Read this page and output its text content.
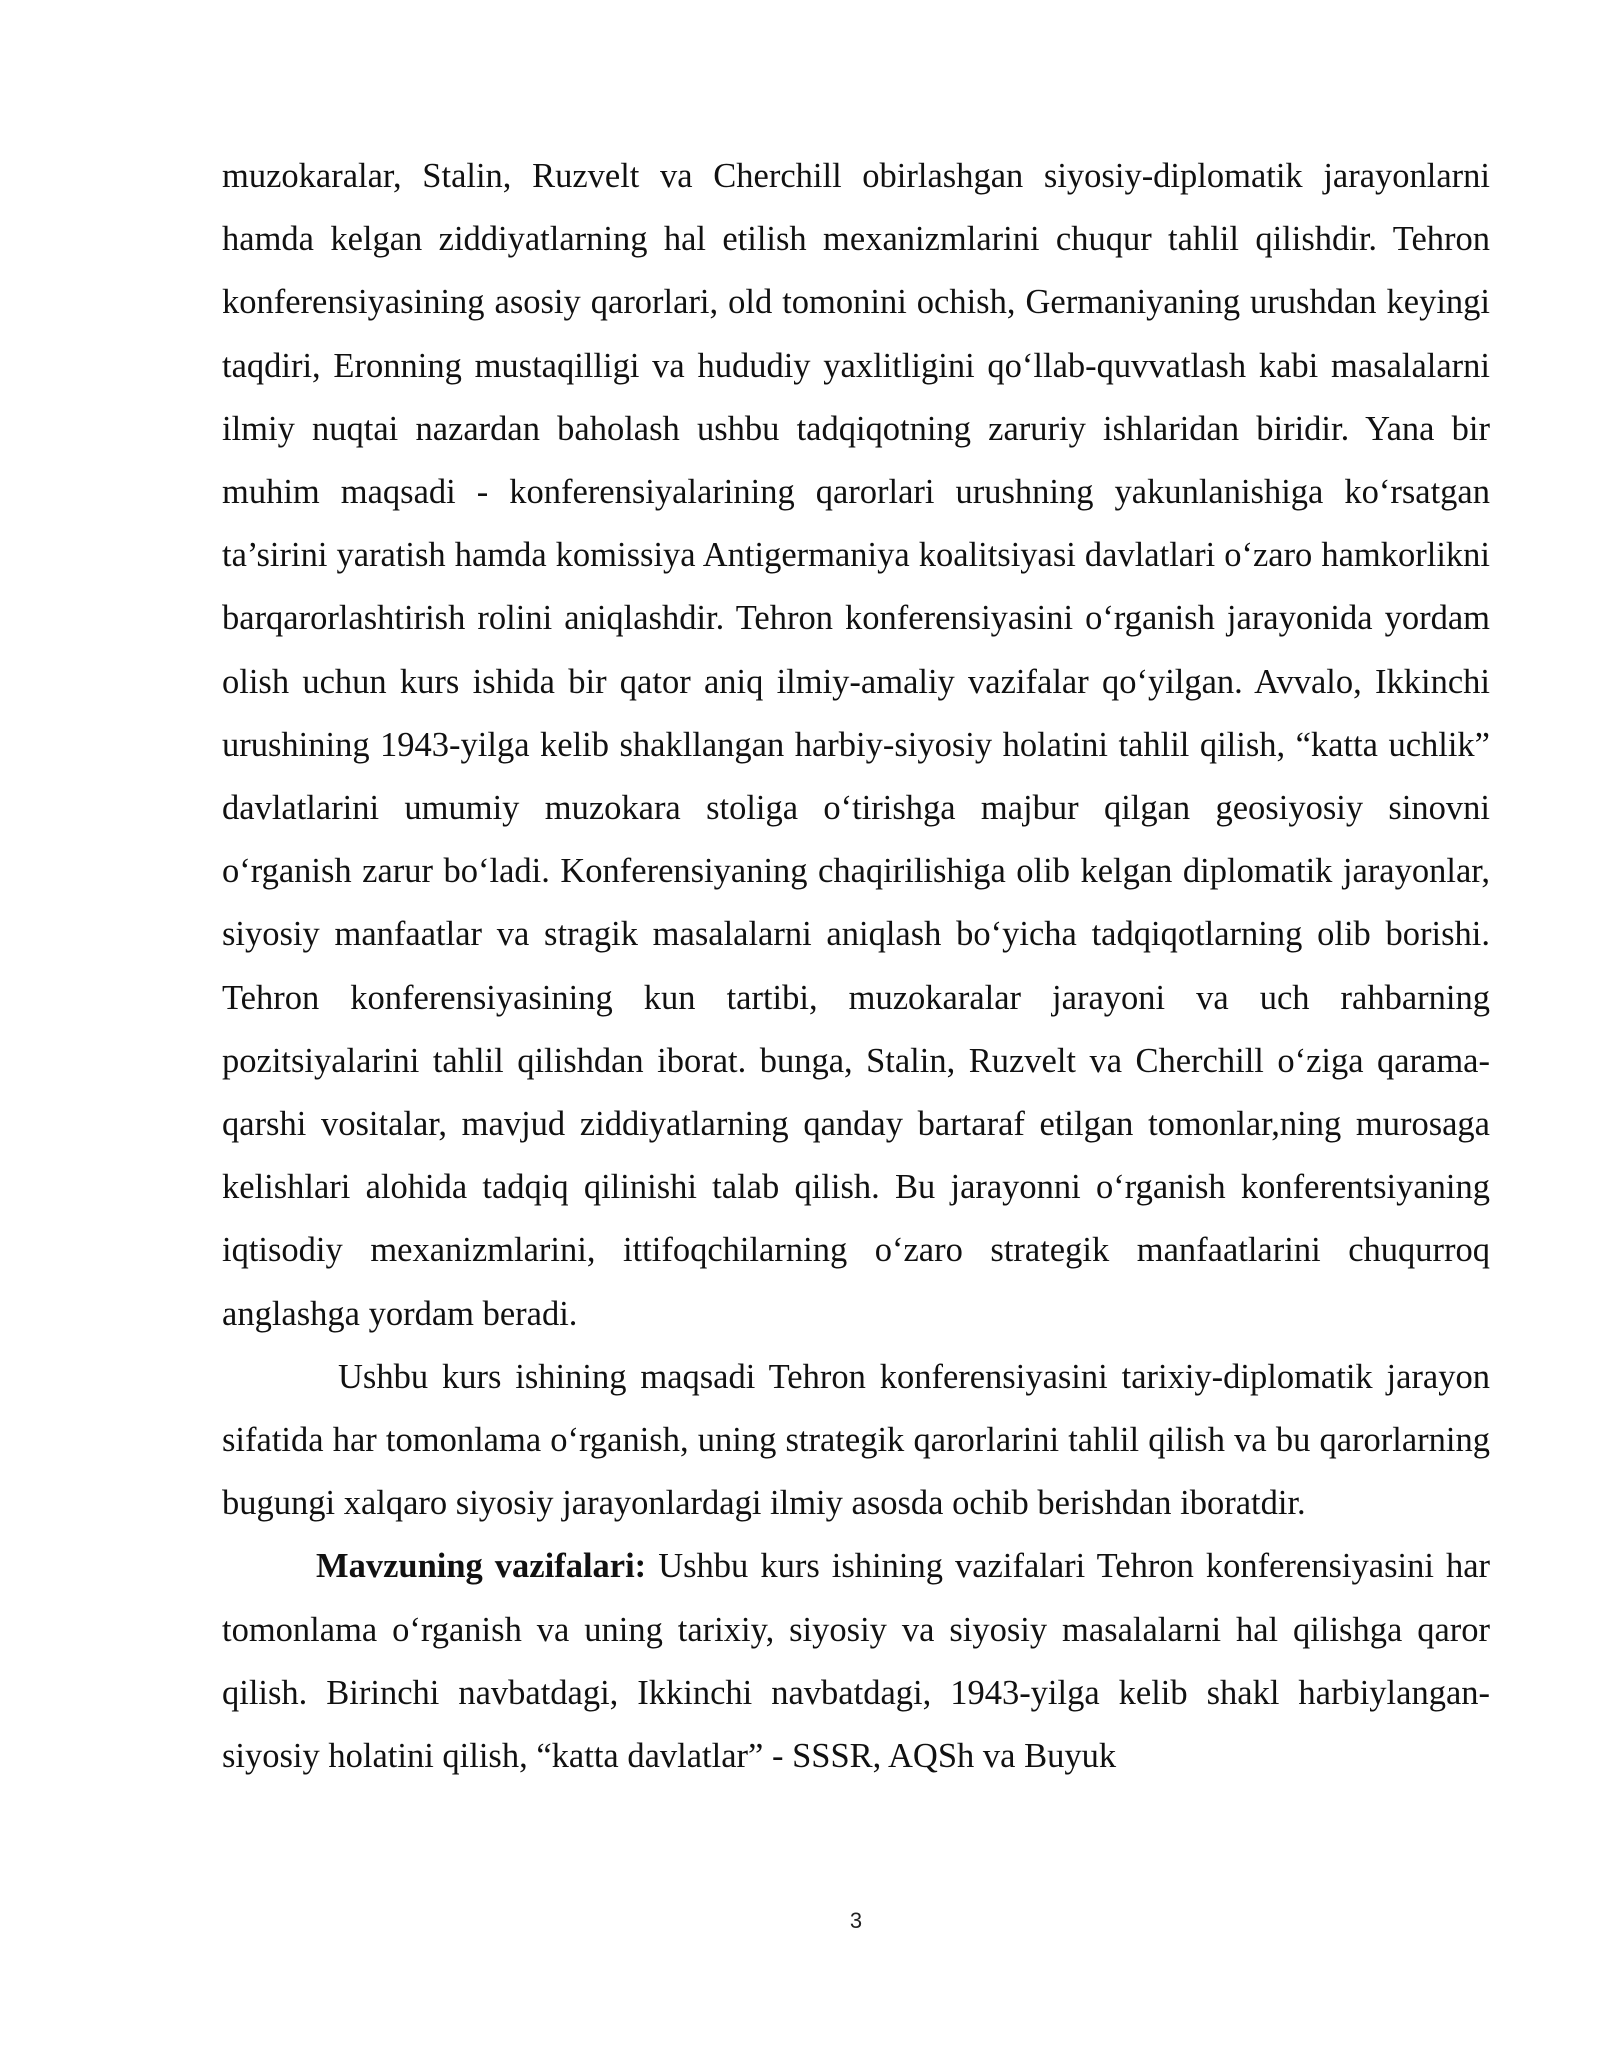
muzokaralar, Stalin, Ruzvelt va Cherchill obirlashgan siyosiy-diplomatik jarayonlarni hamda kelgan ziddiyatlarning hal etilish mexanizmlarini chuqur tahlil qilishdir. Tehron konferensiyasining asosiy qarorlari, old tomonini ochish, Germaniyaning urushdan keyingi taqdiri, Eronning mustaqilligi va hududiy yaxlitligini qo‘llab-quvvatlash kabi masalalarni ilmiy nuqtai nazardan baholash ushbu tadqiqotning zaruriy ishlaridan biridir. Yana bir muhim maqsadi - konferensiyalarining qarorlari urushning yakunlanishiga ko‘rsatgan ta’sirini yaratish hamda komissiya Antigermaniya koalitsiyasi davlatlari o‘zaro hamkorlikni barqarorlashtirish rolini aniqlashdir. Tehron konferensiyasini o‘rganish jarayonida yordam olish uchun kurs ishida bir qator aniq ilmiy-amaliy vazifalar qo‘yilgan. Avvalo, Ikkinchi urushining 1943-yilga kelib shakllangan harbiy-siyosiy holatini tahlil qilish, “katta uchlik” davlatlarini umumiy muzokara stoliga o‘tirishga majbur qilgan geosiyosiy sinovni o‘rganish zarur bo‘ladi. Konferensiyaning chaqirilishiga olib kelgan diplomatik jarayonlar, siyosiy manfaatlar va stragik masalalarni aniqlash bo‘yicha tadqiqotlarning olib borishi. Tehron konferensiyasining kun tartibi, muzokaralar jarayoni va uch rahbarning pozitsiyalarini tahlil qilishdan iborat. bunga, Stalin, Ruzvelt va Cherchill o‘ziga qarama-qarshi vositalar, mavjud ziddiyatlarning qanday bartaraf etilgan tomonlar,ning murosaga kelishlari alohida tadqiq qilinishi talab qilish. Bu jarayonni o‘rganish konferentsiyaning iqtisodiy mexanizmlarini, ittifoqchilarning o‘zaro strategik manfaatlarini chuqurroq anglashga yordam beradi.

Ushbu kurs ishining maqsadi Tehron konferensiyasini tarixiy-diplomatik jarayon sifatida har tomonlama o‘rganish, uning strategik qarorlarini tahlil qilish va bu qarorlarning bugungi xalqaro siyosiy jarayonlardagi ilmiy asosda ochib berishdan iboratdir.

Mavzuning vazifalari: Ushbu kurs ishining vazifalari Tehron konferensiyasini har tomonlama o‘rganish va uning tarixiy, siyosiy va siyosiy masalalarni hal qilishga qaror qilish. Birinchi navbatdagi, Ikkinchi navbatdagi, 1943-yilga kelib shakl harbiylangan-siyosiy holatini qilish, “katta davlatlar” - SSSR, AQSh va Buyuk

3
